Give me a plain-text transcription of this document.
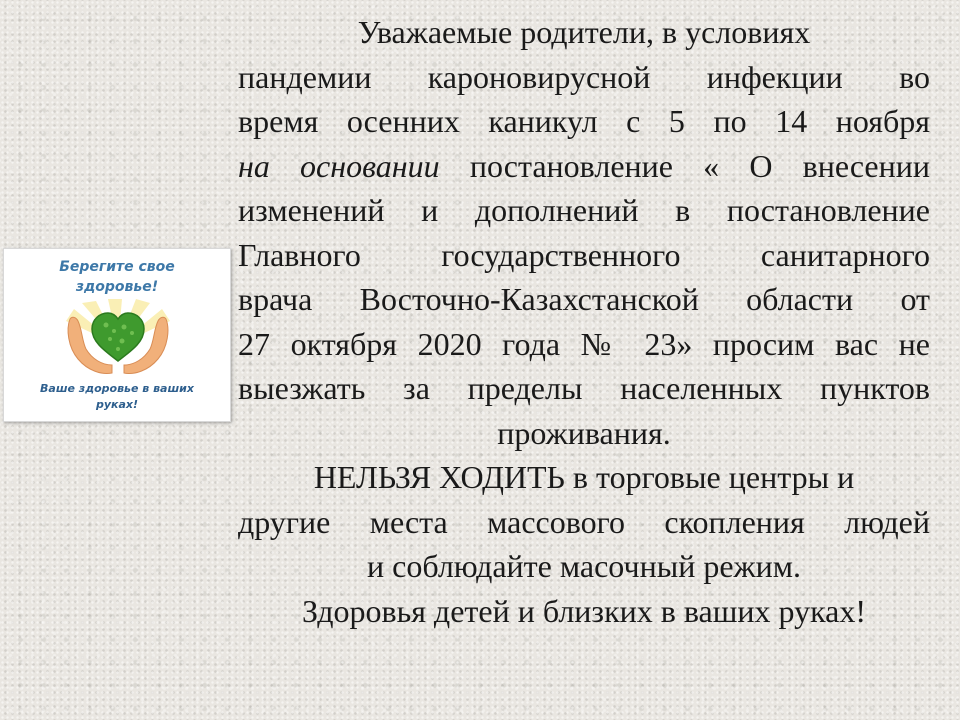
Берегите свое
здоровье!
Ваше здоровье в ваших
руках!
Уважаемые родители, в условиях
пандемии кароновирусной инфекции во
время осенних каникул с 5 по 14 ноября
на основании постановление « О внесении
изменений и дополнений в постановление
Главного государственного санитарного
врача Восточно-Казахстанской области от
27 октября 2020 года № 23» просим вас не
выезжать за пределы населенных пунктов
проживания.
НЕЛЬЗЯ ХОДИТЬ в торговые центры и
другие места массового скопления людей
и соблюдайте масочный режим.
Здоровья детей и близких в ваших руках!
